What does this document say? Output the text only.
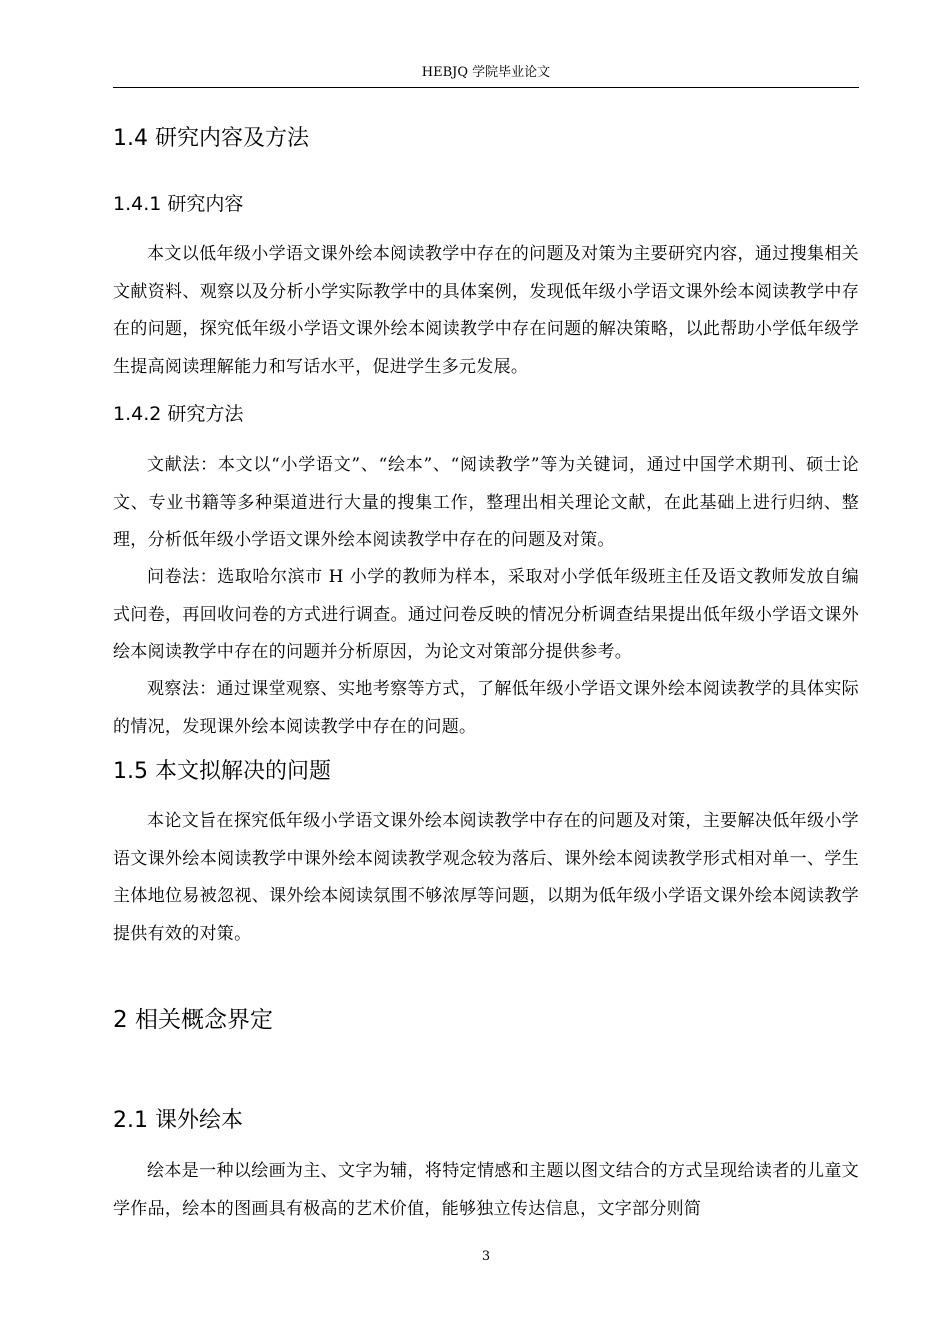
HEBJQ 学院毕业论文
1.4 研究内容及方法
1.4.1 研究内容

本文以低年级小学语文课外绘本阅读教学中存在的问题及对策为主要研究内容，通过搜集相关文献资料、观察以及分析小学实际教学中的具体案例，发现低年级小学语文课外绘本阅读教学中存在的问题，探究低年级小学语文课外绘本阅读教学中存在问题的解决策略，以此帮助小学低年级学生提高阅读理解能力和写话水平，促进学生多元发展。

1.4.2 研究方法

文献法：本文以“小学语文”、“绘本”、“阅读教学”等为关键词，通过中国学术期刊、硕士论文、专业书籍等多种渠道进行大量的搜集工作，整理出相关理论文献，在此基础上进行归纳、整理，分析低年级小学语文课外绘本阅读教学中存在的问题及对策。

问卷法：选取哈尔滨市 H 小学的教师为样本，采取对小学低年级班主任及语文教师发放自编式问卷，再回收问卷的方式进行调查。通过问卷反映的情况分析调查结果提出低年级小学语文课外绘本阅读教学中存在的问题并分析原因，为论文对策部分提供参考。

观察法：通过课堂观察、实地考察等方式，了解低年级小学语文课外绘本阅读教学的具体实际的情况，发现课外绘本阅读教学中存在的问题。

1.5 本文拟解决的问题

本论文旨在探究低年级小学语文课外绘本阅读教学中存在的问题及对策，主要解决低年级小学语文课外绘本阅读教学中课外绘本阅读教学观念较为落后、课外绘本阅读教学形式相对单一、学生主体地位易被忽视、课外绘本阅读氛围不够浓厚等问题，以期为低年级小学语文课外绘本阅读教学提供有效的对策。

2 相关概念界定
2.1 课外绘本

绘本是一种以绘画为主、文字为辅，将特定情感和主题以图文结合的方式呈现给读者的儿童文学作品，绘本的图画具有极高的艺术价值，能够独立传达信息，文字部分则简

3
